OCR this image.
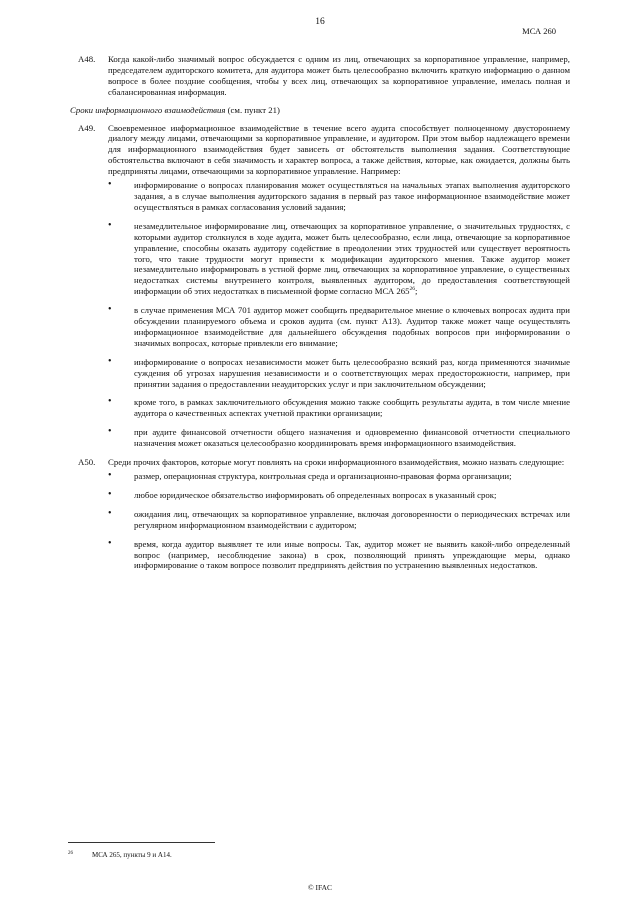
16
МСА 260
A48. Когда какой-либо значимый вопрос обсуждается с одним из лиц, отвечающих за корпоративное управление, например, председателем аудиторского комитета, для аудитора может быть целесообразно включить краткую информацию о данном вопросе в более поздние сообщения, чтобы у всех лиц, отвечающих за корпоративное управление, имелась полная и сбалансированная информация.
Сроки информационного взаимодействия (см. пункт 21)
A49. Своевременное информационное взаимодействие в течение всего аудита способствует полноценному двустороннему диалогу между лицами, отвечающими за корпоративное управление, и аудитором. При этом выбор надлежащего времени для информационного взаимодействия будет зависеть от обстоятельств выполнения задания. Соответствующие обстоятельства включают в себя значимость и характер вопроса, а также действия, которые, как ожидается, должны быть предприняты лицами, отвечающими за корпоративное управление. Например:
• информирование о вопросах планирования может осуществляться на начальных этапах выполнения аудиторского задания, а в случае выполнения аудиторского задания в первый раз такое информационное взаимодействие может осуществляться в рамках согласования условий задания;
• незамедлительное информирование лиц, отвечающих за корпоративное управление, о значительных трудностях, с которыми аудитор столкнулся в ходе аудита, может быть целесообразно, если лица, отвечающие за корпоративное управление, способны оказать аудитору содействие в преодолении этих трудностей или существует вероятность того, что такие трудности могут привести к модификации аудиторского мнения. Также аудитор может незамедлительно информировать в устной форме лиц, отвечающих за корпоративное управление, о существенных недостатках системы внутреннего контроля, выявленных аудитором, до предоставления соответствующей информации об этих недостатках в письменной форме согласно МСА $265^{26}$;
• в случае применения МСА 701 аудитор может сообщить предварительное мнение о ключевых вопросах аудита при обсуждении планируемого объема и сроков аудита (см. пункт А13). Аудитор также может чаще осуществлять информационное взаимодействие для дальнейшего обсуждения подобных вопросов при информировании о значимых вопросах, которые привлекли его внимание;
• информирование о вопросах независимости может быть целесообразно всякий раз, когда применяются значимые суждения об угрозах нарушения независимости и о соответствующих мерах предосторожности, например, при принятии задания о предоставлении неаудиторских услуг и при заключительном обсуждении;
• кроме того, в рамках заключительного обсуждения можно также сообщить результаты аудита, в том числе мнение аудитора о качественных аспектах учетной практики организации;
• при аудите финансовой отчетности общего назначения и одновременно финансовой отчетности специального назначения может оказаться целесообразно координировать время информационного взаимодействия.
A50. Среди прочих факторов, которые могут повлиять на сроки информационного взаимодействия, можно назвать следующие:
• размер, операционная структура, контрольная среда и организационно-правовая форма организации;
• любое юридическое обязательство информировать об определенных вопросах в указанный срок;
• ожидания лиц, отвечающих за корпоративное управление, включая договоренности о периодических встречах или регулярном информационном взаимодействии с аудитором;
• время, когда аудитор выявляет те или иные вопросы. Так, аудитор может не выявить какой-либо определенный вопрос (например, несоблюдение закона) в срок, позволяющий принять упреждающие меры, однако информирование о таком вопросе позволит предпринять действия по устранению выявленных недостатков.
26	МСА 265, пункты 9 и А14.
© IFAC
